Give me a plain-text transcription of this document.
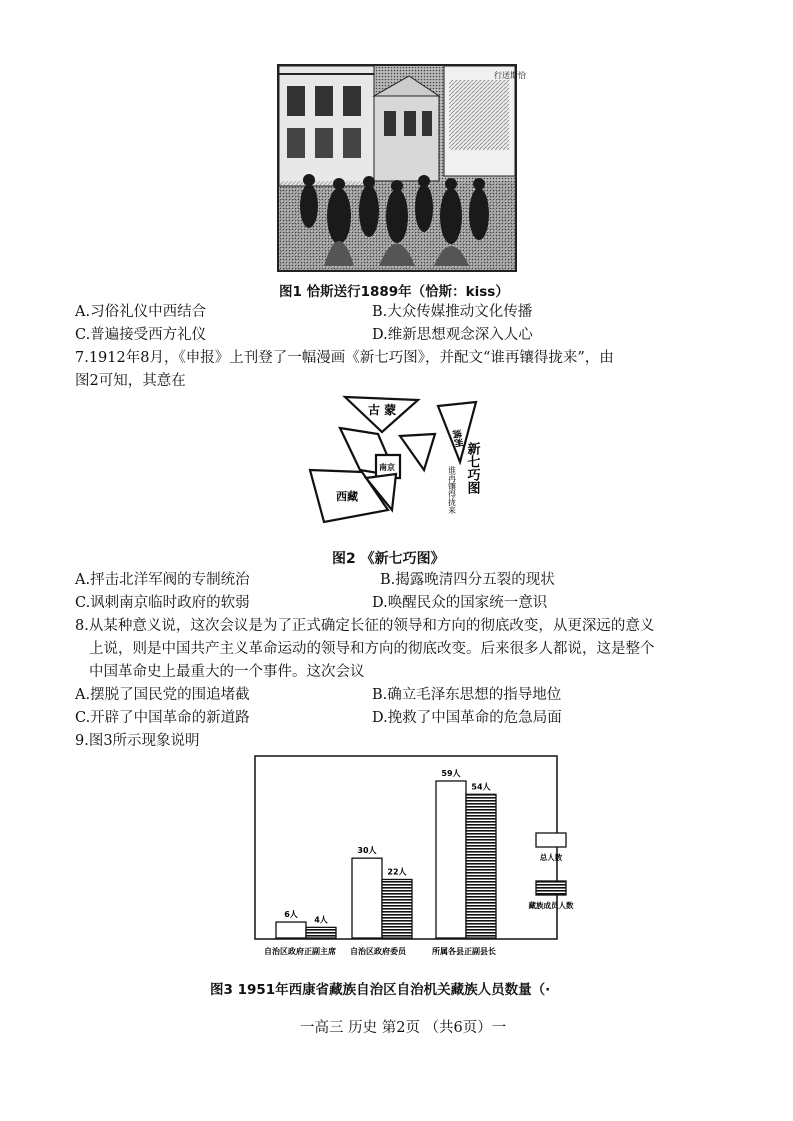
行送斯恰
图1 恰斯送行1889年（恰斯：kiss）
A.习俗礼仪中西结合	B.大众传媒推动文化传播
C.普遍接受西方礼仪	D.维新思想观念深入人心
7.1912年8月，《申报》上刊登了一幅漫画《新七巧图》，并配文“谁再镶得拢来”，由
图2可知，其意在
古 蒙
满洲
南京
西藏
新七巧图
谁再镶得拢来
图2 《新七巧图》
A.抨击北洋军阀的专制统治	B.揭露晚清四分五裂的现状
C.讽刺南京临时政府的软弱	D.唤醒民众的国家统一意识
8.从某种意义说，这次会议是为了正式确定长征的领导和方向的彻底改变，从更深远的意义
上说，则是中国共产主义革命运动的领导和方向的彻底改变。后来很多人都说，这是整个
中国革命史上最重大的一个事件。这次会议
A.摆脱了国民党的围追堵截	B.确立毛泽东思想的指导地位
C.开辟了中国革命的新道路	D.挽救了中国革命的危急局面
9.图3所示现象说明
6人
4人
自治区政府正副主席
30人
22人
自治区政府委员
59人
54人
所属各县正副县长
总人数
藏族成员人数
图3 1951年西康省藏族自治区自治机关藏族人员数量（·
一高三 历史 第2页 （共6页）一
